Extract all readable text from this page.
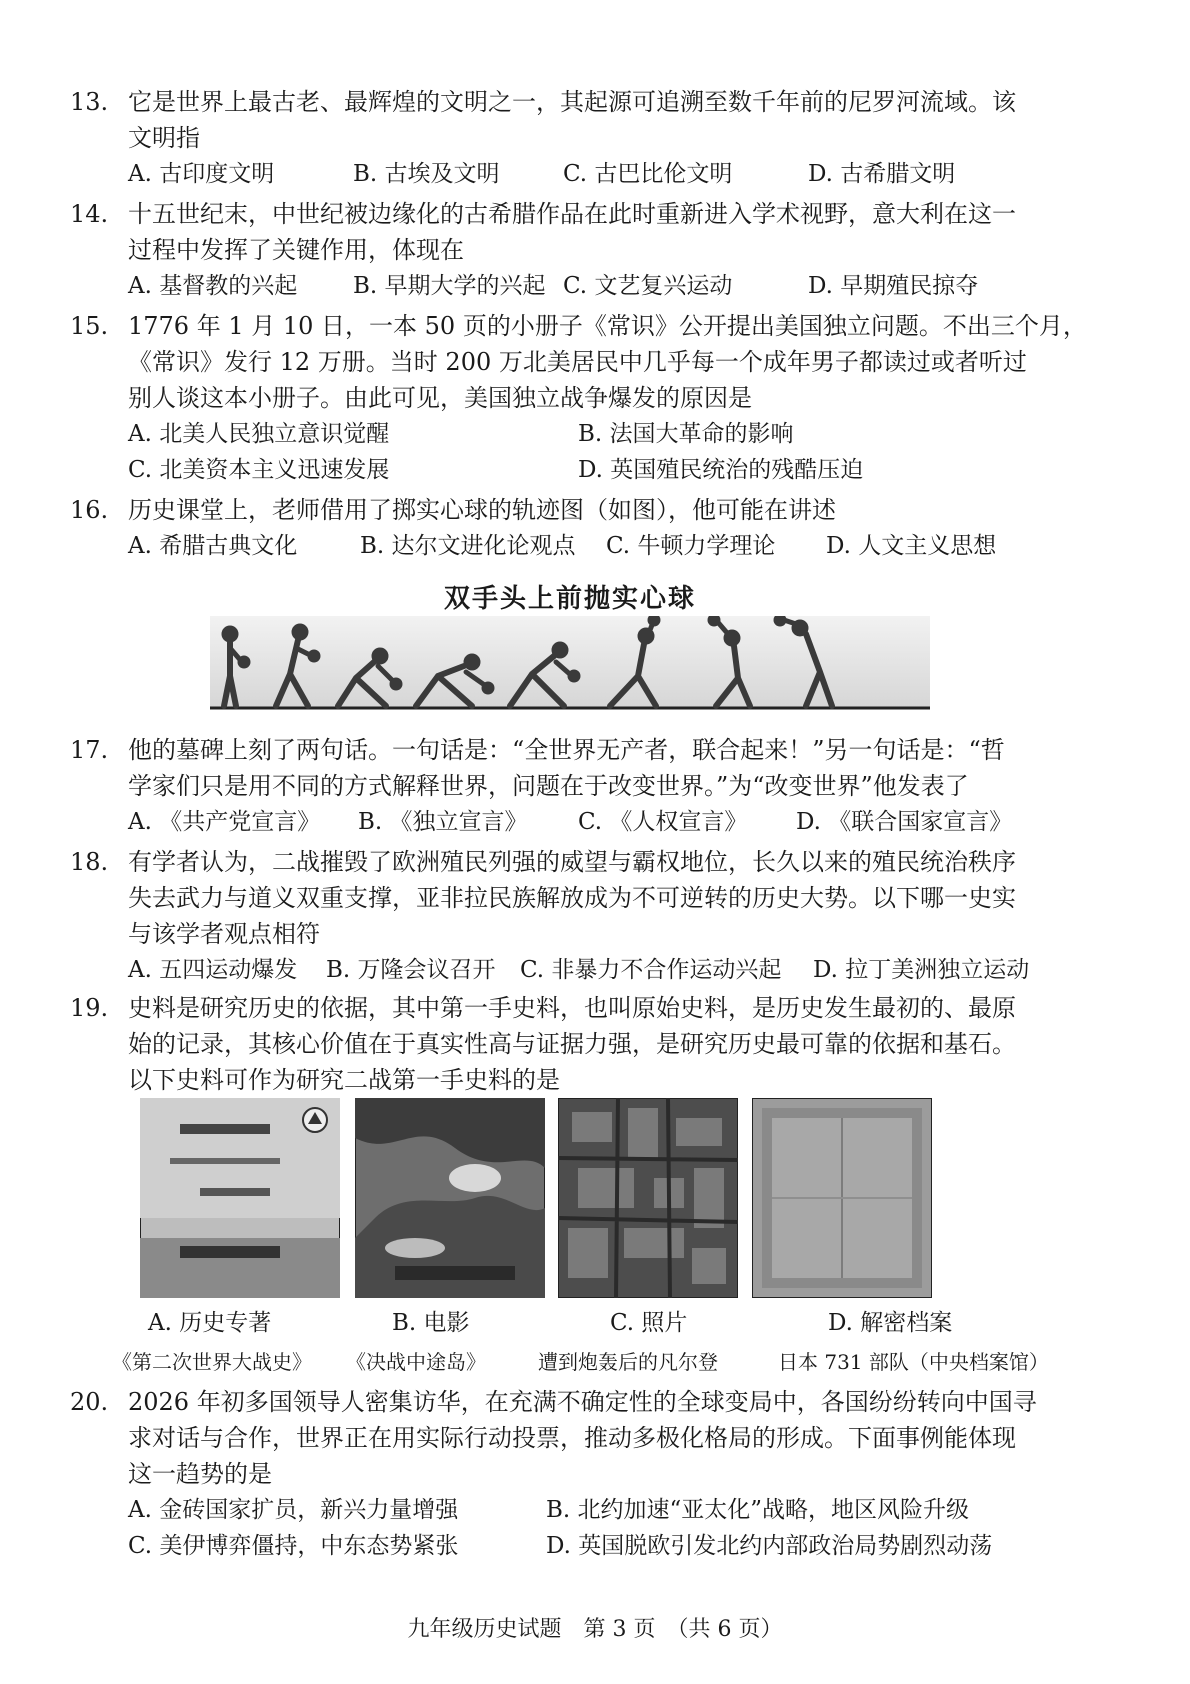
13. 它是世界上最古老、最辉煌的文明之一，其起源可追溯至数千年前的尼罗河流域。该
文明指
A. 古印度文明	B. 古埃及文明	C. 古巴比伦文明	D. 古希腊文明
14. 十五世纪末，中世纪被边缘化的古希腊作品在此时重新进入学术视野，意大利在这一
过程中发挥了关键作用，体现在
A. 基督教的兴起 B. 早期大学的兴起 C. 文艺复兴运动	D. 早期殖民掠夺
15. 1776 年 1 月 10 日，一本 50 页的小册子《常识》公开提出美国独立问题。不出三个月，
《常识》发行 12 万册。当时 200 万北美居民中几乎每一个成年男子都读过或者听过
别人谈这本小册子。由此可见，美国独立战争爆发的原因是
A. 北美人民独立意识觉醒	B. 法国大革命的影响
C. 北美资本主义迅速发展	D. 英国殖民统治的残酷压迫
16. 历史课堂上，老师借用了掷实心球的轨迹图（如图），他可能在讲述
A. 希腊古典文化	B. 达尔文进化论观点 C. 牛顿力学理论 D. 人文主义思想
双手头上前抛实心球
17. 他的墓碑上刻了两句话。一句话是：“全世界无产者，联合起来！”另一句话是：“哲
学家们只是用不同的方式解释世界，问题在于改变世界。”为“改变世界”他发表了
A. 《共产党宣言》 B. 《独立宣言》 C. 《人权宣言》 D. 《联合国家宣言》
18. 有学者认为，二战摧毁了欧洲殖民列强的威望与霸权地位，长久以来的殖民统治秩序
失去武力与道义双重支撑，亚非拉民族解放成为不可逆转的历史大势。以下哪一史实
与该学者观点相符
A. 五四运动爆发 B. 万隆会议召开 C. 非暴力不合作运动兴起 D. 拉丁美洲独立运动
19. 史料是研究历史的依据，其中第一手史料，也叫原始史料，是历史发生最初的、最原
始的记录，其核心价值在于真实性高与证据力强，是研究历史最可靠的依据和基石。
以下史料可作为研究二战第一手史料的是
A. 历史专著	B. 电影	C. 照片	D. 解密档案
《第二次世界大战史》 《决战中途岛》	遭到炮轰后的凡尔登	日本 731 部队（中央档案馆）
20. 2026 年初多国领导人密集访华，在充满不确定性的全球变局中，各国纷纷转向中国寻
求对话与合作，世界正在用实际行动投票，推动多极化格局的形成。下面事例能体现
这一趋势的是
A. 金砖国家扩员，新兴力量增强	B. 北约加速“亚太化”战略，地区风险升级
C. 美伊博弈僵持，中东态势紧张	D. 英国脱欧引发北约内部政治局势剧烈动荡
九年级历史试题　第 3 页　（共 6 页）
